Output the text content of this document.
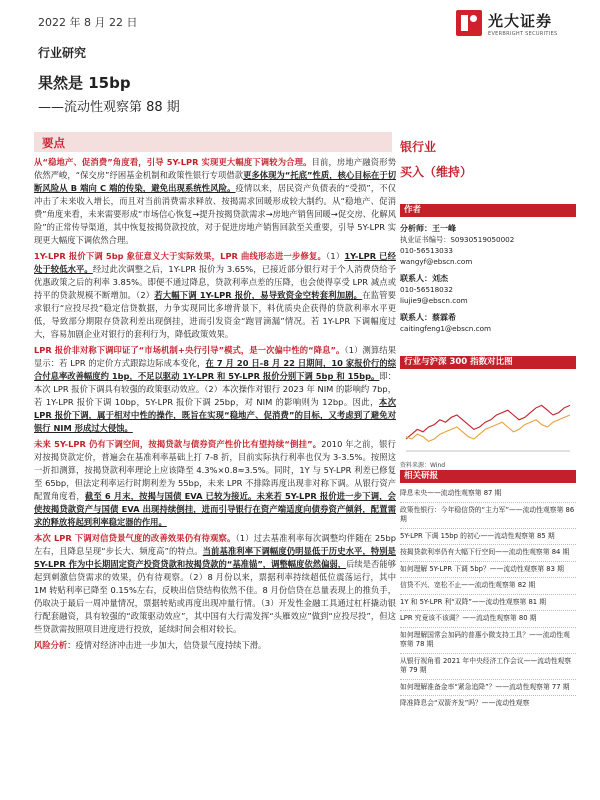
2022 年 8 月 22 日	光大证券
EVERBRIGHT SECURITIES
行业研究
果然是 15bp
——流动性观察第 88 期
要点

从“稳地产、促消费”角度看，引导 5Y-LPR 实现更大幅度下调较为合理。目前，房地产融资形势依然严峻，“保交房”纾困基金机制和政策性银行专项借款更多体现为“托底”性质，核心目标在于切断风险从 B 端向 C 端的传染，避免出现系统性风险。疫情以来，居民资产负债表的“受损”，不仅冲击了未来收入增长，而且对当前消费需求释放、按揭需求回暖形成较大制约。从“稳地产、促消费”角度来看，未来需要形成“市场信心恢复→提升按揭贷款需求→房地产销售回暖→促交房、化解风险”的正常传导渠道，其中恢复按揭贷款投放，对于促进房地产销售回款至关重要，引导 5Y-LPR 实现更大幅度下调依然合理。

1Y-LPR 报价下调 5bp 象征意义大于实际效果，LPR 曲线形态进一步修复。（1）1Y-LPR 已经处于较低水平。经过此次调整之后，1Y-LPR 报价为 3.65%，已接近部分银行对于个人消费贷给予优惠政策之后的利率 3.85%。即便不通过降息，贷款利率点差的压降，也会使得享受 LPR 减点或持平的贷款规模不断增加。（2）若大幅下调 1Y-LPR 报价，易导致资金空转套利加剧。在监管要求银行“应投尽投”稳定信贷数据，力争实现同比多增背景下，料优质央企获得的贷款利率水平更低，导致部分期限存贷款利差出现倒挂，进而引发资金“跑冒滴漏”情况。若 1Y-LPR 下调幅度过大，容易加剧企业对银行的套利行为，降低政策效果。

LPR 报价非对称下调印证了“市场机制+央行引导”模式，是一次偏中性的“降息”。（1）测算结果显示：若 LPR 的定价方式跟踪边际成本变化，在 7 月 20 日-8 月 22 日期间，10 家报价行的综合付息率改善幅度约 1bp，不足以驱动 1Y-LPR 和 5Y-LPR 报价分别下调 5bp 和 15bp。即：本次 LPR 报价下调具有较强的政策驱动效应。（2）本次操作对银行 2023 年 NIM 的影响约 7bp，若 1Y-LPR 报价下调 10bp，5Y-LPR 报价下调 25bp，对 NIM 的影响则为 12bp。因此，本次 LPR 报价下调，属于相对中性的操作，既旨在实现“稳地产、促消费”的目标，又考虑到了避免对银行 NIM 形成过大侵蚀。

未来 5Y-LPR 仍有下调空间，按揭贷款与债券资产性价比有望持续“倒挂”。2010 年之前，银行对按揭贷款定价，普遍会在基准利率基础上打 7-8 折，目前实际执行利率也仅为 3-3.5%。按照这一折扣测算，按揭贷款利率理论上应该降至 4.3%×0.8≈3.5%。同时，1Y 与 5Y-LPR 利差已修复至 65bp，但法定利率运行时期利差为 55bp，未来 LPR 不排除再度出现非对称下调。从银行资产配置角度看，截至 6 月末，按揭与国债 EVA 已较为接近。未来若 5Y-LPR 报价进一步下调，会使按揭贷款资产与国债 EVA 出现持续倒挂，进而引导银行在资产端适度向债券资产倾斜，配置需求的释放将起到利率稳定器的作用。

本次 LPR 下调对信贷景气度的改善效果仍有待观察。（1）过去基准利率每次调整均伴随在 25bp 左右，且降息呈现“步长大、频度高”的特点。当前基准利率下调幅度仍明显低于历史水平，特别是 5Y-LPR 作为中长期固定资产投资贷款和按揭贷款的“基准锚”，调整幅度依然偏弱，后续是否能够起到刺激信贷需求的效果，仍有待观察。（2）8 月份以来，票据利率持续超低位震荡运行，其中 1M 转贴利率已降至 0.15%左右，反映出信贷结构依然不佳。8 月份信贷在总量表现上的推负手，仍取决于最后一周冲量情况，票据转贴或再度出现冲量行情。（3）开发性金融工具通过杠杆撬动银行配套融资，具有较强的“政策驱动效应”，其中国有大行需发挥“头雁效应”做到“应投尽投”，但这些贷款需按照项目进度进行投放，延续时间会相对较长。

风险分析：疫情对经济冲击进一步加大，信贷景气度持续下滑。

银行业
买入（维持）
作者
分析师：王一峰
执业证书编号：S0930519050002
010-56513033
wangyf@ebscn.com
联系人：刘杰
010-56518032
liujie9@ebscn.com
联系人：蔡霖希
caitingfeng1@ebscn.com
行业与沪深 300 指数对比图
资料来源：Wind
相关研报
降息未央——流动性观察第 87 期
政策性银行：今年稳信贷的“主力军”——流动性观察第 86 期
5Y-LPR 下调 15bp 的初心——流动性观察第 85 期
按揭贷款利率仍有大幅下行空间——流动性观察第 84 期
如何理解 5Y-LPR 下调 5bp？——流动性观察第 83 期
信贷不兴、宽松不止——流动性观察第 82 期
1Y 和 5Y-LPR 利“双降”——流动性观察第 81 期
LPR 究竟该不该调？——流动性观察第 80 期
如何理解国常会加码的普惠小微支持工具？——流动性观察第 78 期
从银行视角看 2021 年中央经济工作会议——流动性观察第 79 期
如何理解准备金率“紧急追降”？——流动性观察第 77 期
降准降息会“双箭齐发”吗？——流动性观察
